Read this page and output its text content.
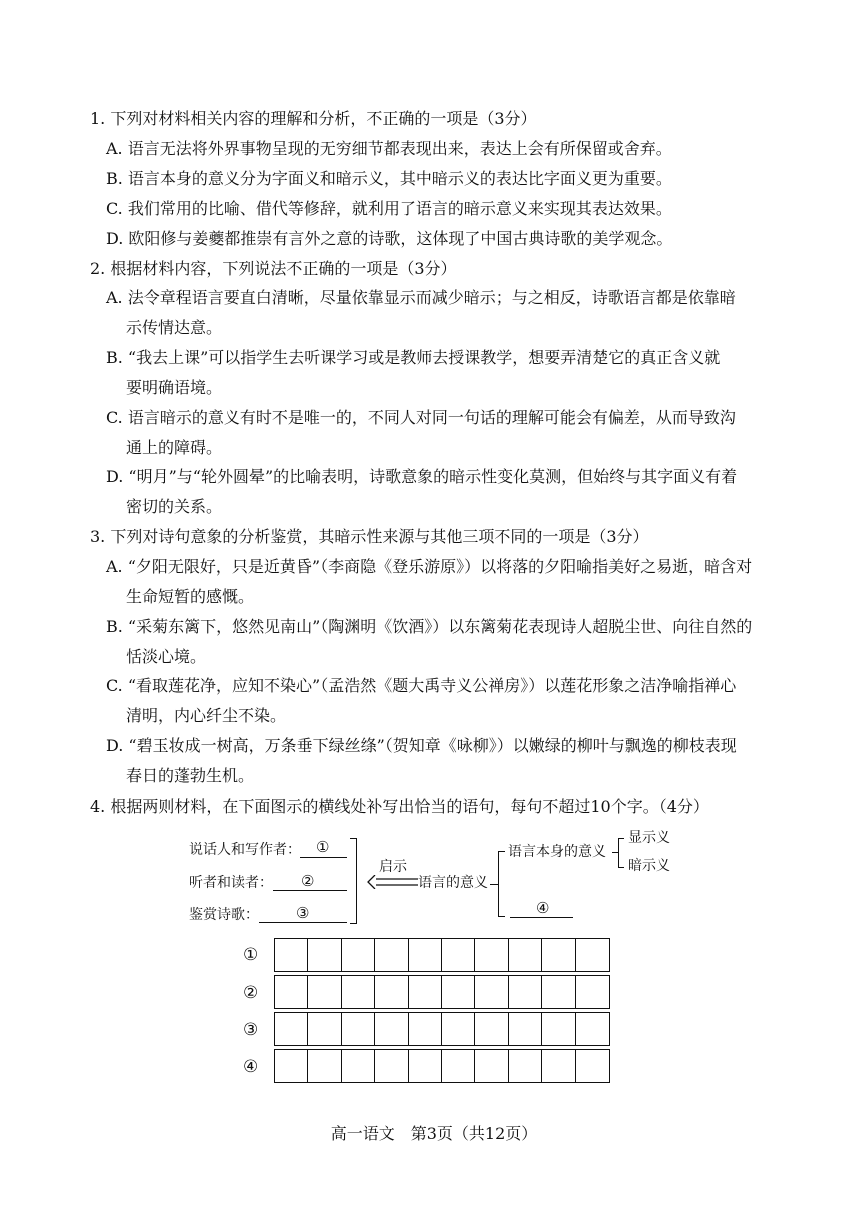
1. 下列对材料相关内容的理解和分析，不正确的一项是（3分）
A. 语言无法将外界事物呈现的无穷细节都表现出来，表达上会有所保留或舍弃。
B. 语言本身的意义分为字面义和暗示义，其中暗示义的表达比字面义更为重要。
C. 我们常用的比喻、借代等修辞，就利用了语言的暗示意义来实现其表达效果。
D. 欧阳修与姜夔都推崇有言外之意的诗歌，这体现了中国古典诗歌的美学观念。
2. 根据材料内容，下列说法不正确的一项是（3分）
A. 法令章程语言要直白清晰，尽量依靠显示而减少暗示；与之相反，诗歌语言都是依靠暗
示传情达意。
B. “我去上课”可以指学生去听课学习或是教师去授课教学，想要弄清楚它的真正含义就
要明确语境。
C. 语言暗示的意义有时不是唯一的，不同人对同一句话的理解可能会有偏差，从而导致沟
通上的障碍。
D. “明月”与“轮外圆晕”的比喻表明，诗歌意象的暗示性变化莫测，但始终与其字面义有着
密切的关系。
3. 下列对诗句意象的分析鉴赏，其暗示性来源与其他三项不同的一项是（3分）
A. “夕阳无限好，只是近黄昏”（李商隐《登乐游原》）以将落的夕阳喻指美好之易逝，暗含对
生命短暂的感慨。
B. “采菊东篱下，悠然见南山”（陶渊明《饮酒》）以东篱菊花表现诗人超脱尘世、向往自然的
恬淡心境。
C. “看取莲花净，应知不染心”（孟浩然《题大禹寺义公禅房》）以莲花形象之洁净喻指禅心
清明，内心纤尘不染。
D. “碧玉妆成一树高，万条垂下绿丝绦”（贺知章《咏柳》）以嫩绿的柳叶与飘逸的柳枝表现
春日的蓬勃生机。
4. 根据两则材料，在下面图示的横线处补写出恰当的语句，每句不超过10个字。（4分）
说话人和写作者： ①
听者和读者： ②
鉴赏诗歌： ③
启示
语言的意义
语言本身的意义
显示义
暗示义
④
①
②
③
④
高一语文　第3页（共12页）
